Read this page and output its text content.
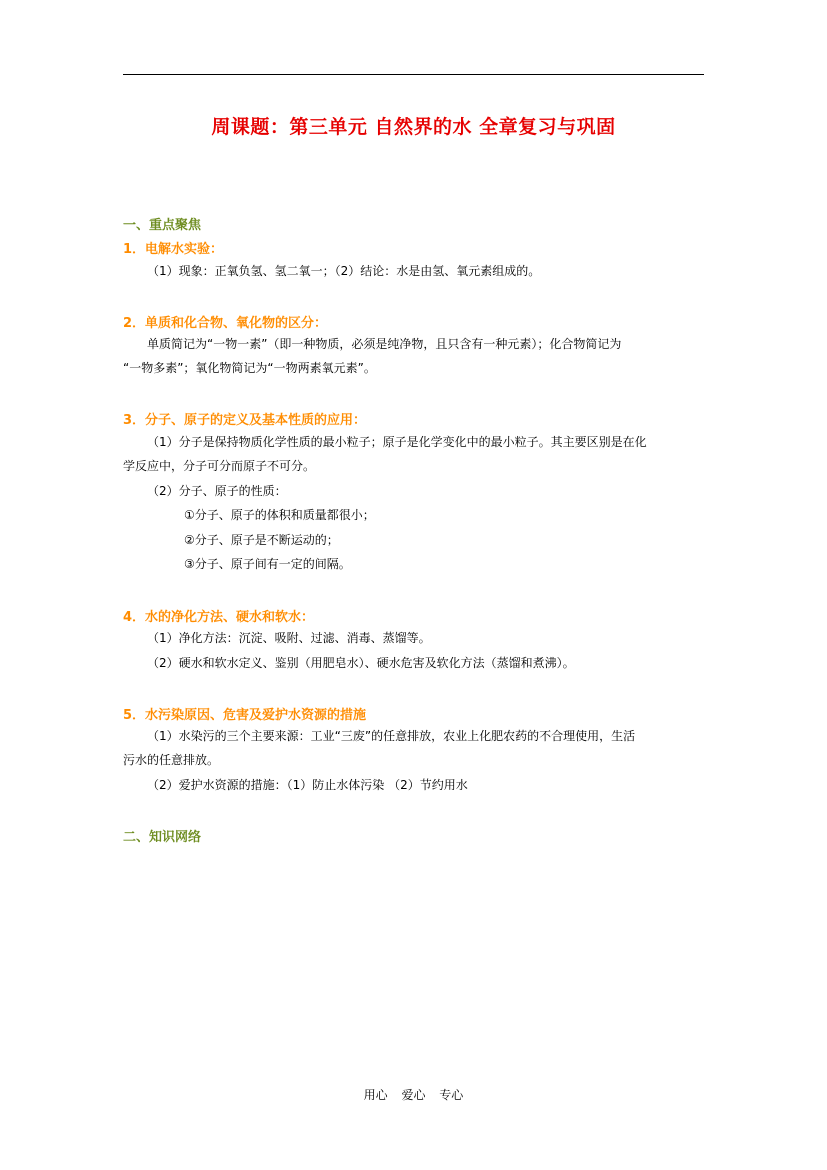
周课题：第三单元 自然界的水 全章复习与巩固
一、重点聚焦
1．电解水实验：
（1）现象：正氧负氢、氢二氧一；（2）结论：水是由氢、氧元素组成的。
2．单质和化合物、氧化物的区分：
单质简记为“一物一素”（即一种物质，必须是纯净物，且只含有一种元素）；化合物简记为
“一物多素”；氧化物简记为“一物两素氧元素”。
3．分子、原子的定义及基本性质的应用：
（1）分子是保持物质化学性质的最小粒子；原子是化学变化中的最小粒子。其主要区别是在化
学反应中，分子可分而原子不可分。
（2）分子、原子的性质：
①分子、原子的体积和质量都很小；
②分子、原子是不断运动的；
③分子、原子间有一定的间隔。
4．水的净化方法、硬水和软水：
（1）净化方法：沉淀、吸附、过滤、消毒、蒸馏等。
（2）硬水和软水定义、鉴别（用肥皂水）、硬水危害及软化方法（蒸馏和煮沸）。
5．水污染原因、危害及爱护水资源的措施
（1）水染污的三个主要来源：工业“三废”的任意排放，农业上化肥农药的不合理使用，生活
污水的任意排放。
（2）爱护水资源的措施：（1）防止水体污染 （2）节约用水
二、知识网络
用心 爱心 专心
